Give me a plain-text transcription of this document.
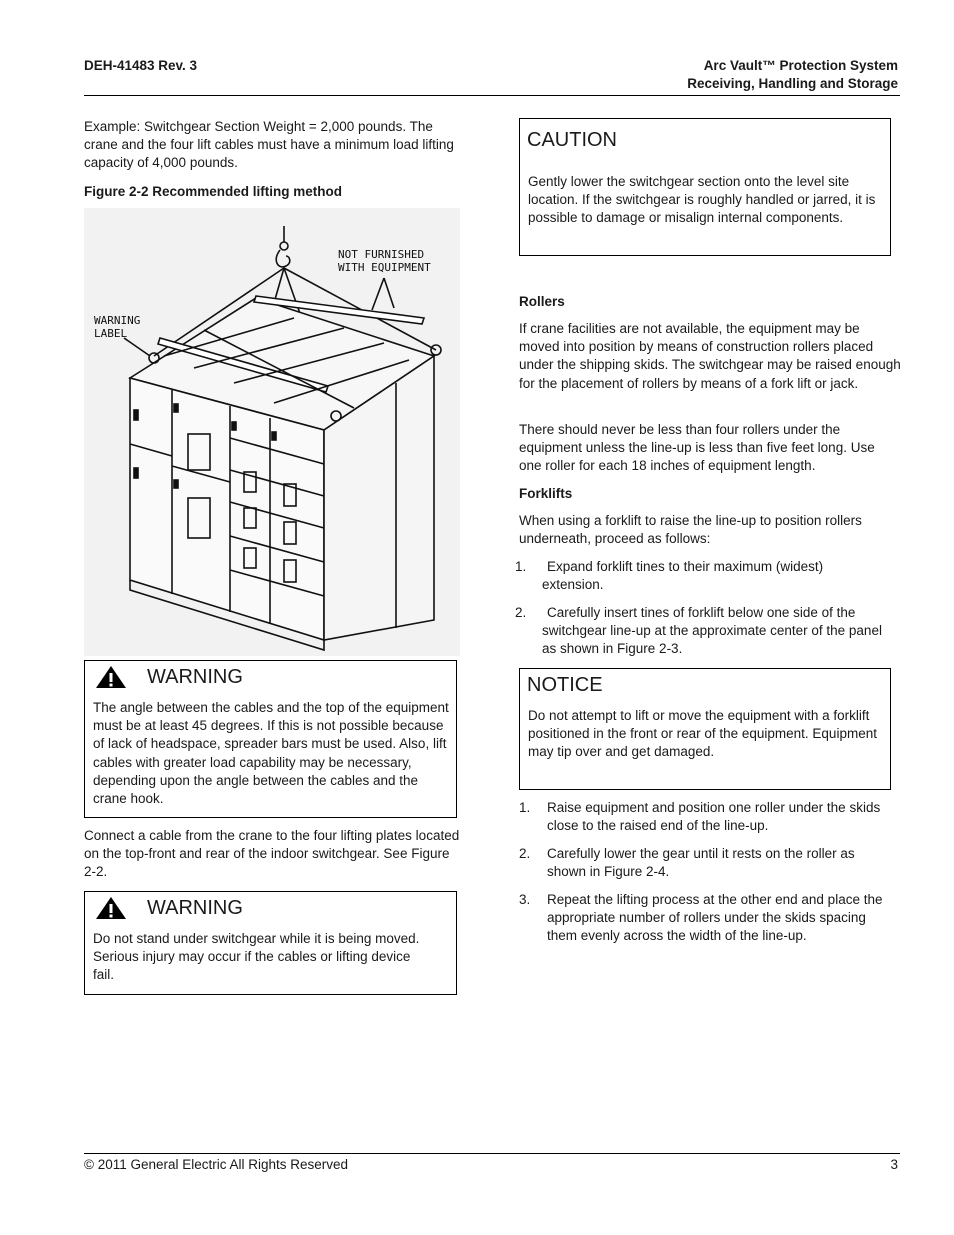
DEH-41483 Rev. 3	Arc Vault™ Protection System
Receiving, Handling and Storage

Example: Switchgear Section Weight = 2,000 pounds. The crane and the four lift cables must have a minimum load lifting capacity of 4,000 pounds.

Figure 2-2 Recommended lifting method

NOT FURNISHED
WITH EQUIPMENT
WARNING
LABEL
WARNING

The angle between the cables and the top of the equipment must be at least 45 degrees. If this is not possible because of lack of headspace, spreader bars must be used. Also, lift cables with greater load capability may be necessary, depending upon the angle between the cables and the crane hook.

Connect a cable from the crane to the four lifting plates located on the top-front and rear of the indoor switchgear. See Figure 2-2.

WARNING

Do not stand under switchgear while it is being moved. Serious injury may occur if the cables or lifting device fail.

CAUTION

Gently lower the switchgear section onto the level site location. If the switchgear is roughly handled or jarred, it is possible to damage or misalign internal components.

Rollers

If crane facilities are not available, the equipment may be moved into position by means of construction rollers placed under the shipping skids. The switchgear may be raised enough for the placement of rollers by means of a fork lift or jack.

There should never be less than four rollers under the equipment unless the line-up is less than five feet long. Use one roller for each 18 inches of equipment length.

Forklifts

When using a forklift to raise the line-up to position rollers underneath, proceed as follows:

1.	Expand forklift tines to their maximum (widest) extension.
2.	Carefully insert tines of forklift below one side of the switchgear line-up at the approximate center of the panel as shown in Figure 2-3.
NOTICE

Do not attempt to lift or move the equipment with a forklift positioned in the front or rear of the equipment. Equipment may tip over and get damaged.

1. Raise equipment and position one roller under the skids close to the raised end of the line-up.
2. Carefully lower the gear until it rests on the roller as shown in Figure 2-4.
3. Repeat the lifting process at the other end and place the appropriate number of rollers under the skids spacing them evenly across the width of the line-up.
© 2011 General Electric All Rights Reserved	3
